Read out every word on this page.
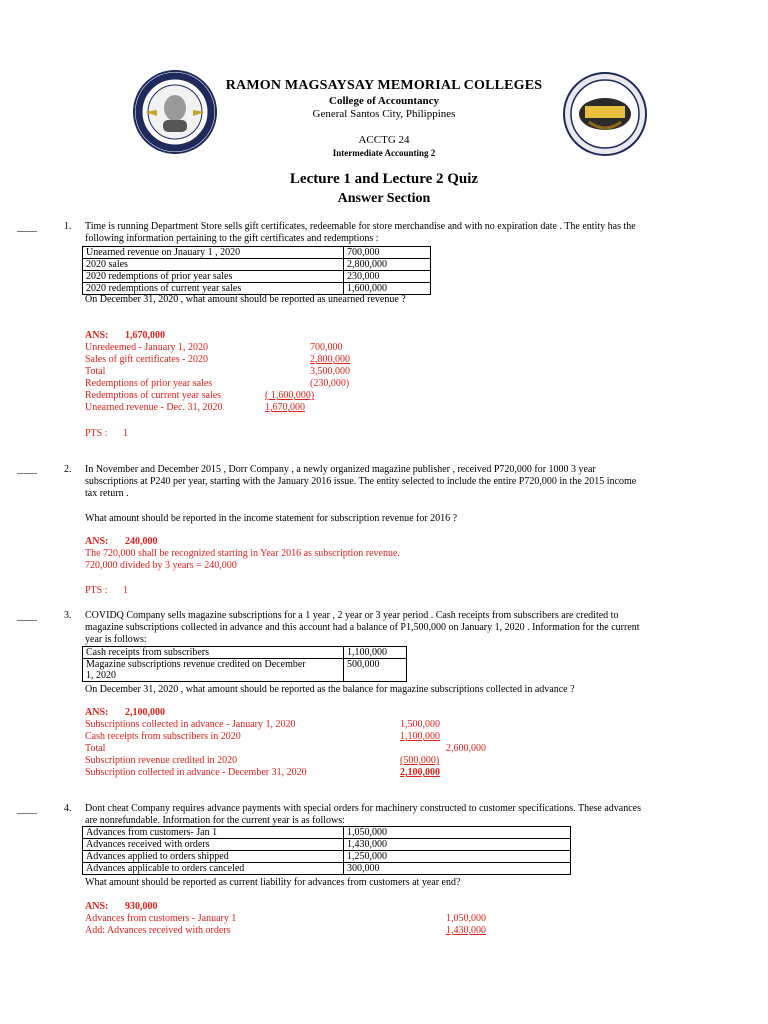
RAMON MAGSAYSAY MEMORIAL COLLEGES
College of Accountancy
General Santos City, Philippines
ACCTG 24
Intermediate Accounting 2
Lecture 1 and Lecture 2 Quiz
Answer Section
____	1. Time is running Department Store sells gift certificates, redeemable for store merchandise and with no expiration date . The entity has the
following information pertaining to the gift certificates and redemptions :
Unearned revenue on Jnauary 1 , 2020	700,000
2020 sales	2,800,000
2020 redemptions of prior year sales	230,000
2020 redemptions of current year sales	1,600,000
On December 31, 2020 , what amount should be reported as unearned revenue ?
ANS: 1,670,000
Unredeemed - January 1, 2020	700,000
Sales of gift certificates - 2020	2,800,000
Total	3,500,000
Redemptions of prior year sales	(230,000)
Redemptions of current year sales	( 1,600,000)
Unearned revenue - Dec. 31, 2020	1,670,000
PTS : 1
____	2. In November and December 2015 , Dorr Company , a newly organized magazine publisher , received P720,000 for 1000 3 year
subscriptions at P240 per year, starting with the January 2016 issue. The entity selected to include the entire P720,000 in the 2015 income
tax return .
What amount should be reported in the income statement for subscription revenue for 2016 ?
ANS: 240,000
The 720,000 shall be recognized starting in Year 2016 as subscription revenue.
720,000 divided by 3 years = 240,000
PTS : 1
____	3. COVIDQ Company sells magazine subscriptions for a 1 year , 2 year or 3 year period . Cash receipts from subscribers are credited to
magazine subscriptions collected in advance and this account had a balance of P1,500,000 on January 1, 2020 . Information for the current
year is follows:
Cash receipts from subscribers	1,100,000

Magazine subscriptions revenue credited on December
1, 2020	500,000
On December 31, 2020 , what amount should be reported as the balance for magazine subscriptions collected in advance ?
ANS: 2,100,000
Subscriptions collected in advance - January 1, 2020	1,500,000
Cash receipts from subscribers in 2020	1,100,000
Total	2,600,000
Subscription revenue credited in 2020	(500,000)
Subscription collected in advance - December 31, 2020	2,100,000
____	4. Dont cheat Company requires advance payments with special orders for machinery constructed to customer specifications. These advances
are nonrefundable. Information for the current year is as follows:
Advances from customers- Jan 1	1,050,000
Advances received with orders	1,430,000
Advances applied to orders shipped	1,250,000
Advances applicable to orders canceled	300,000
What amount should be reported as current liability for advances from customers at year end?
ANS: 930,000
Advances from customers - January 1	1,050,000
Add: Advances received with orders	1,430,000
